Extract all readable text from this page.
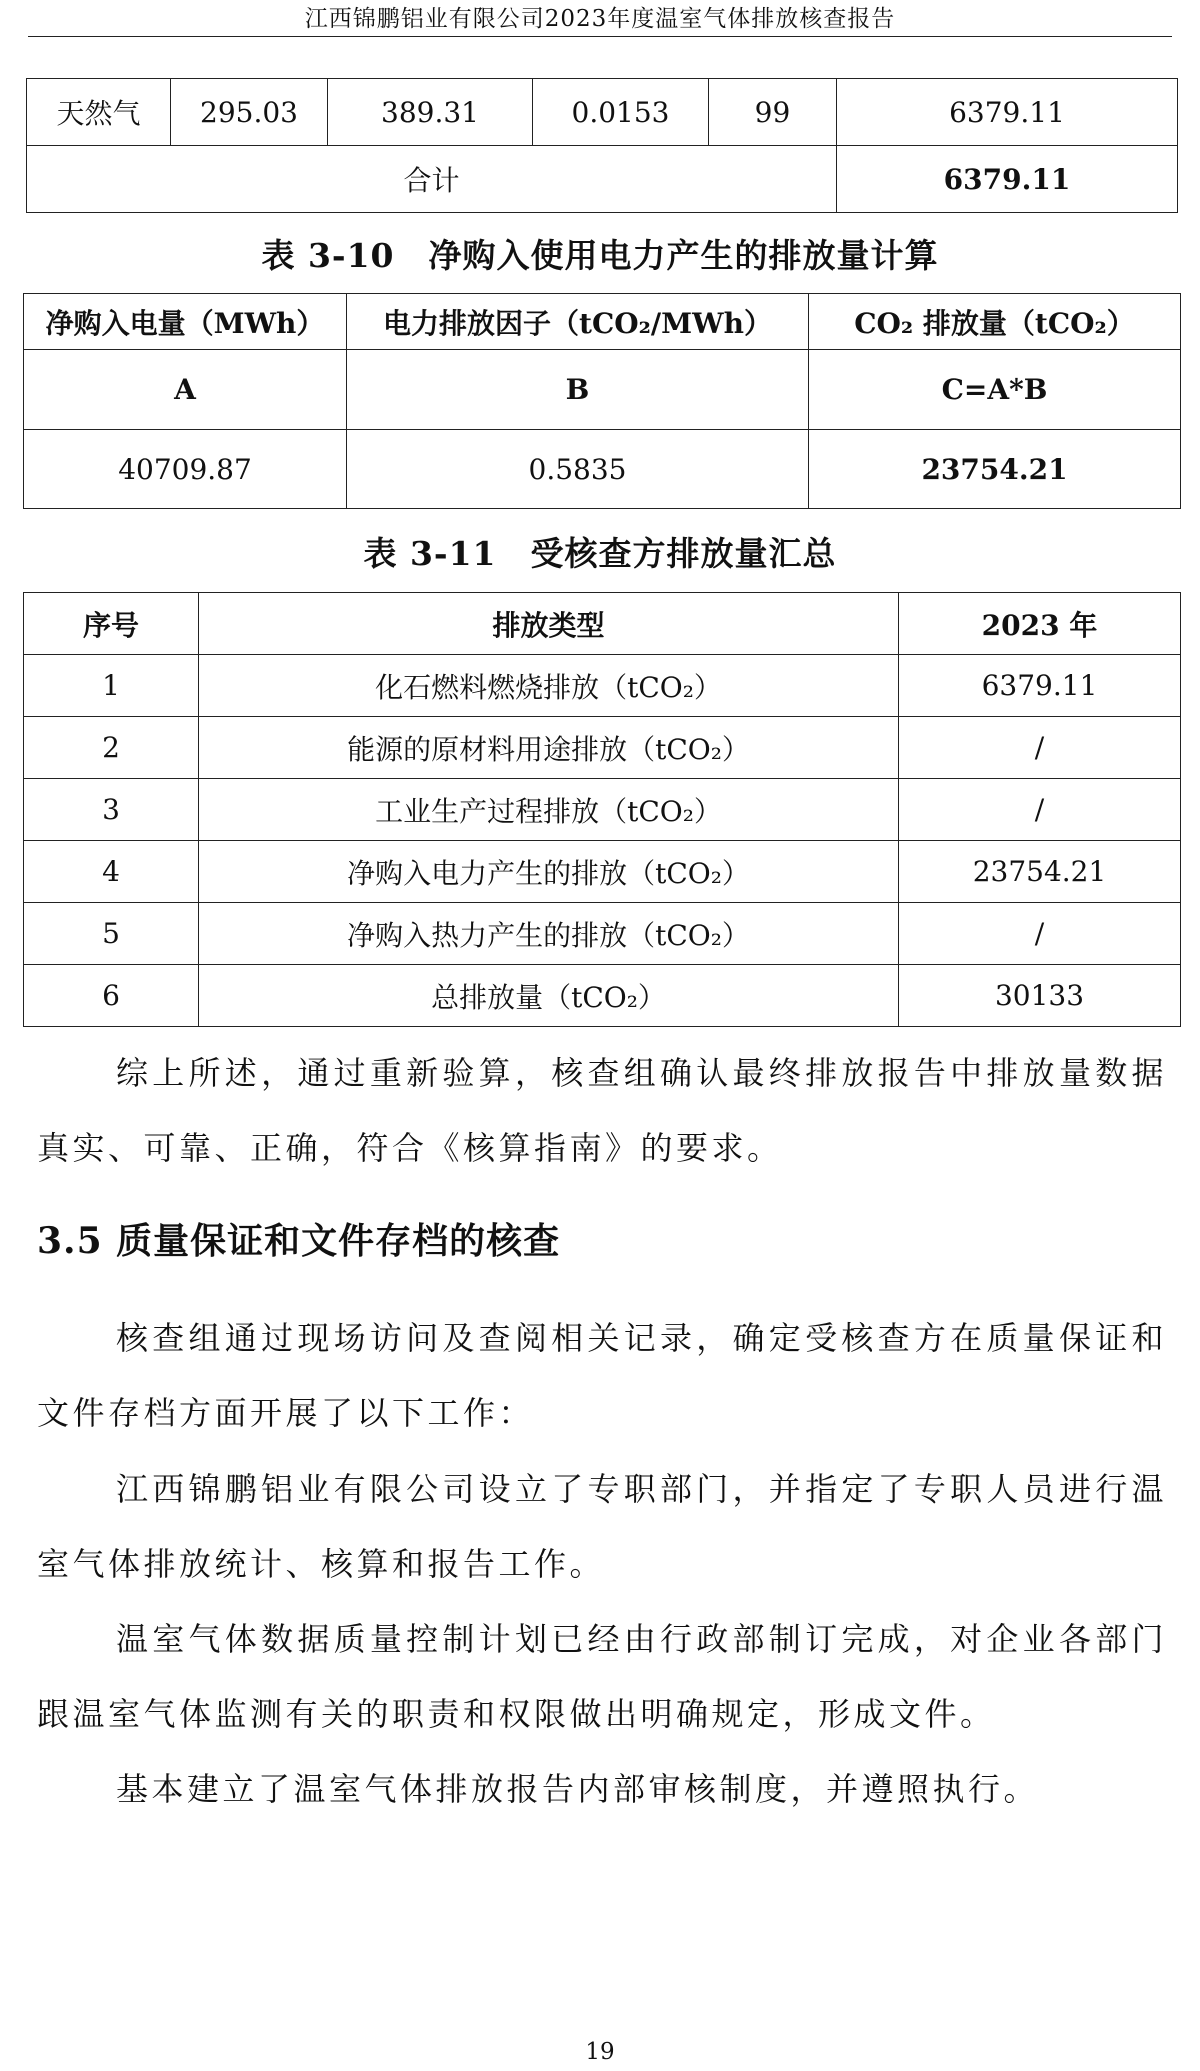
江西锦鹏铝业有限公司2023年度温室气体排放核查报告
天然气	295.03	389.31	0.0153	99	6379.11
合计					6379.11
表 3-10　净购入使用电力产生的排放量计算
净购入电量（MWh）	电力排放因子（tCO₂/MWh）	CO₂ 排放量（tCO₂）
A	B	C=A*B
40709.87	0.5835	23754.21
表 3-11　受核查方排放量汇总
序号	排放类型	2023 年
1	化石燃料燃烧排放（tCO₂）	6379.11
2	能源的原材料用途排放（tCO₂）	/
3	工业生产过程排放（tCO₂）	/
4	净购入电力产生的排放（tCO₂）	23754.21
5	净购入热力产生的排放（tCO₂）	/
6	总排放量（tCO₂）	30133

综上所述，通过重新验算，核查组确认最终排放报告中排放量数据真实、可靠、正确，符合《核算指南》的要求。

3.5 质量保证和文件存档的核查

核查组通过现场访问及查阅相关记录，确定受核查方在质量保证和文件存档方面开展了以下工作：

江西锦鹏铝业有限公司设立了专职部门，并指定了专职人员进行温室气体排放统计、核算和报告工作。

温室气体数据质量控制计划已经由行政部制订完成，对企业各部门跟温室气体监测有关的职责和权限做出明确规定，形成文件。

基本建立了温室气体排放报告内部审核制度，并遵照执行。

19
